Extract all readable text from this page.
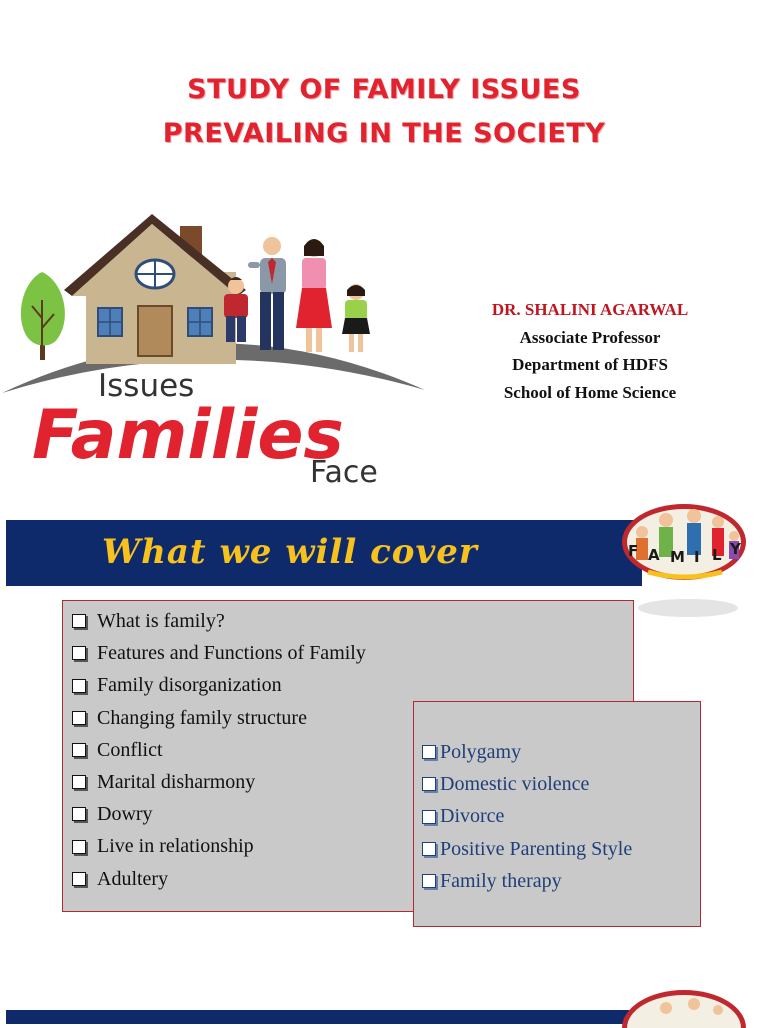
STUDY OF FAMILY ISSUES
PREVAILING IN THE SOCIETY
Issues
Families
Face
DR. SHALINI AGARWAL
Associate Professor
Department of HDFS
School of Home Science
What we will cover	F A M I L Y
What is family?
Features and Functions of Family
Family disorganization
Changing family structure
Conflict
Marital disharmony
Dowry
Live in relationship
Adultery
Polygamy
Domestic violence
Divorce
Positive Parenting Style
Family therapy
